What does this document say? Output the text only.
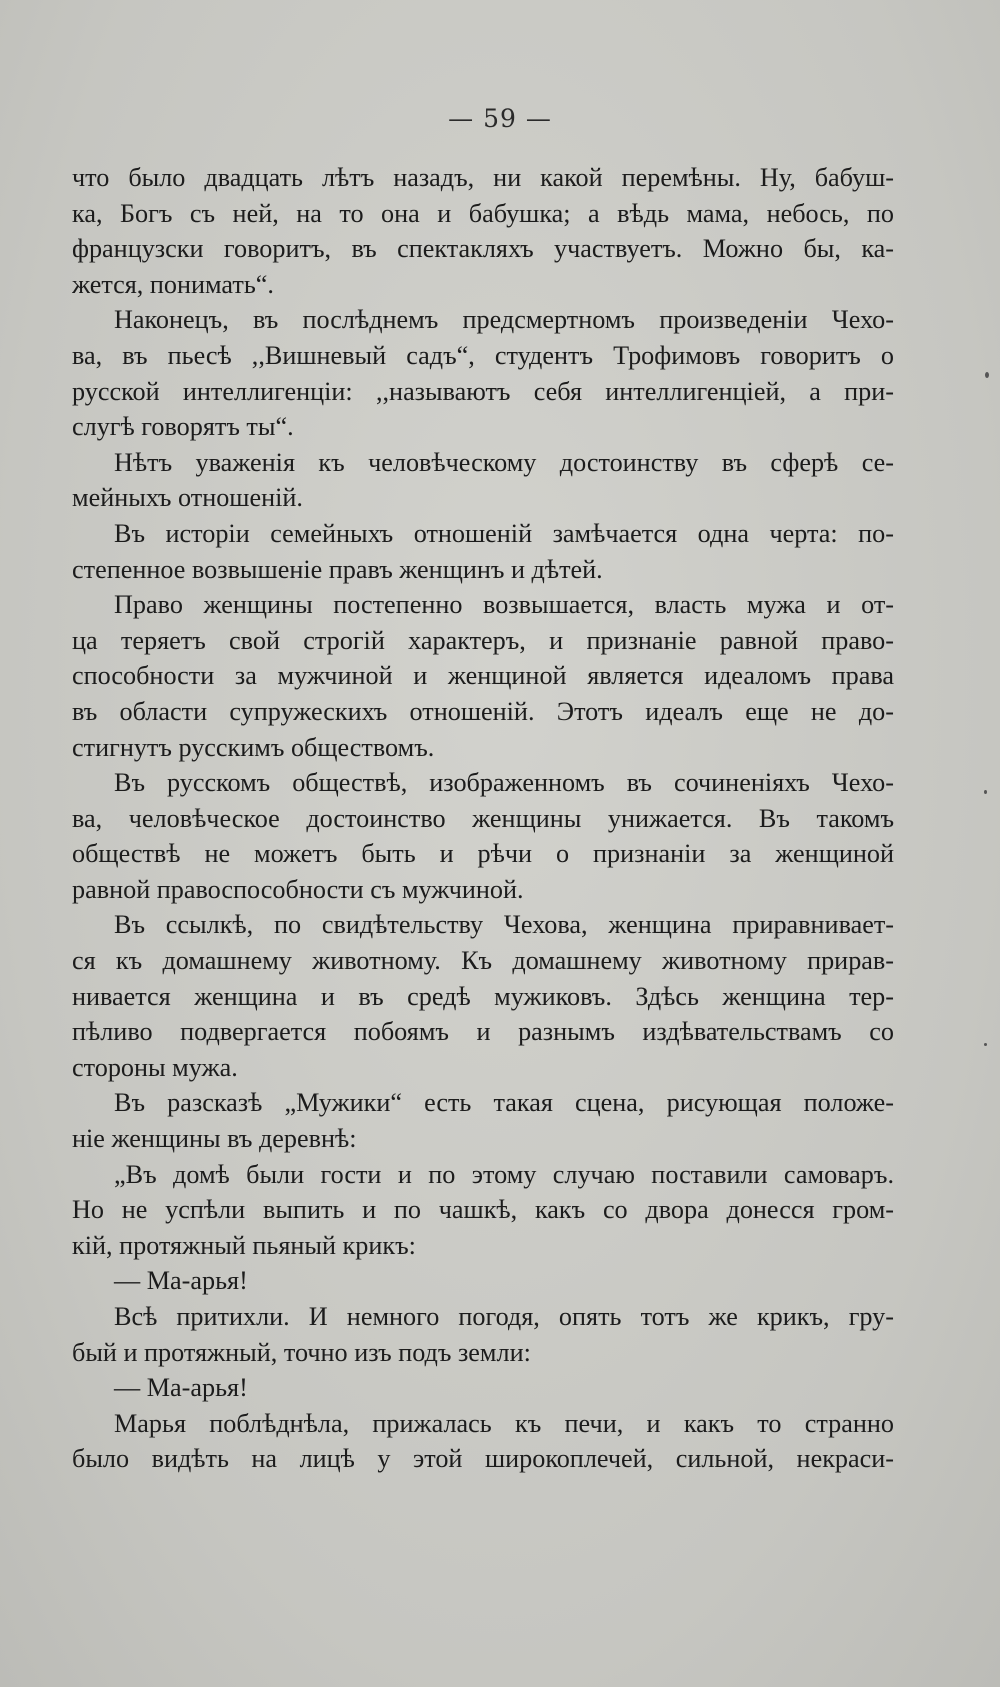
— 59 —
что было двадцать лѣтъ назадъ, ни какой перемѣны. Ну, бабуш-
ка, Богъ съ ней, на то она и бабушка; а вѣдь мама, небось, по
французски говоритъ, въ спектакляхъ участвуетъ. Можно бы, ка-
жется, понимать“.
Наконецъ, въ послѣднемъ предсмертномъ произведенiи Чехо-
ва, въ пьесѣ ,,Вишневый садъ“, студентъ Трофимовъ говоритъ о
русской интеллигенцiи: ,,называютъ себя интеллигенцiей, а при-
слугѣ говорятъ ты“.
Нѣтъ уваженiя къ человѣческому достоинству въ сферѣ се-
мейныхъ отношенiй.
Въ исторiи семейныхъ отношенiй замѣчается одна черта: по-
степенное возвышенiе правъ женщинъ и дѣтей.
Право женщины постепенно возвышается, власть мужа и от-
ца теряетъ свой строгiй характеръ, и признанiе равной право-
способности за мужчиной и женщиной является идеаломъ права
въ области супружескихъ отношенiй. Этотъ идеалъ еще не до-
стигнутъ русскимъ обществомъ.
Въ русскомъ обществѣ, изображенномъ въ сочиненiяхъ Чехо-
ва, человѣческое достоинство женщины унижается. Въ такомъ
обществѣ не можетъ быть и рѣчи о признанiи за женщиной
равной правоспособности съ мужчиной.
Въ ссылкѣ, по свидѣтельству Чехова, женщина приравнивает-
ся къ домашнему животному. Къ домашнему животному прирав-
нивается женщина и въ средѣ мужиковъ. Здѣсь женщина тер-
пѣливо подвергается побоямъ и разнымъ издѣвательствамъ со
стороны мужа.
Въ разсказѣ „Мужики“ есть такая сцена, рисующая положе-
нiе женщины въ деревнѣ:
„Въ домѣ были гости и по этому случаю поставили самоваръ.
Но не успѣли выпить и по чашкѣ, какъ со двора донесся гром-
кiй, протяжный пьяный крикъ:
— Ма-арья!
Всѣ притихли. И немного погодя, опять тотъ же крикъ, гру-
бый и протяжный, точно изъ подъ земли:
— Ма-арья!
Марья поблѣднѣла, прижалась къ печи, и какъ то странно
было видѣть на лицѣ у этой широкоплечей, сильной, некраси-
